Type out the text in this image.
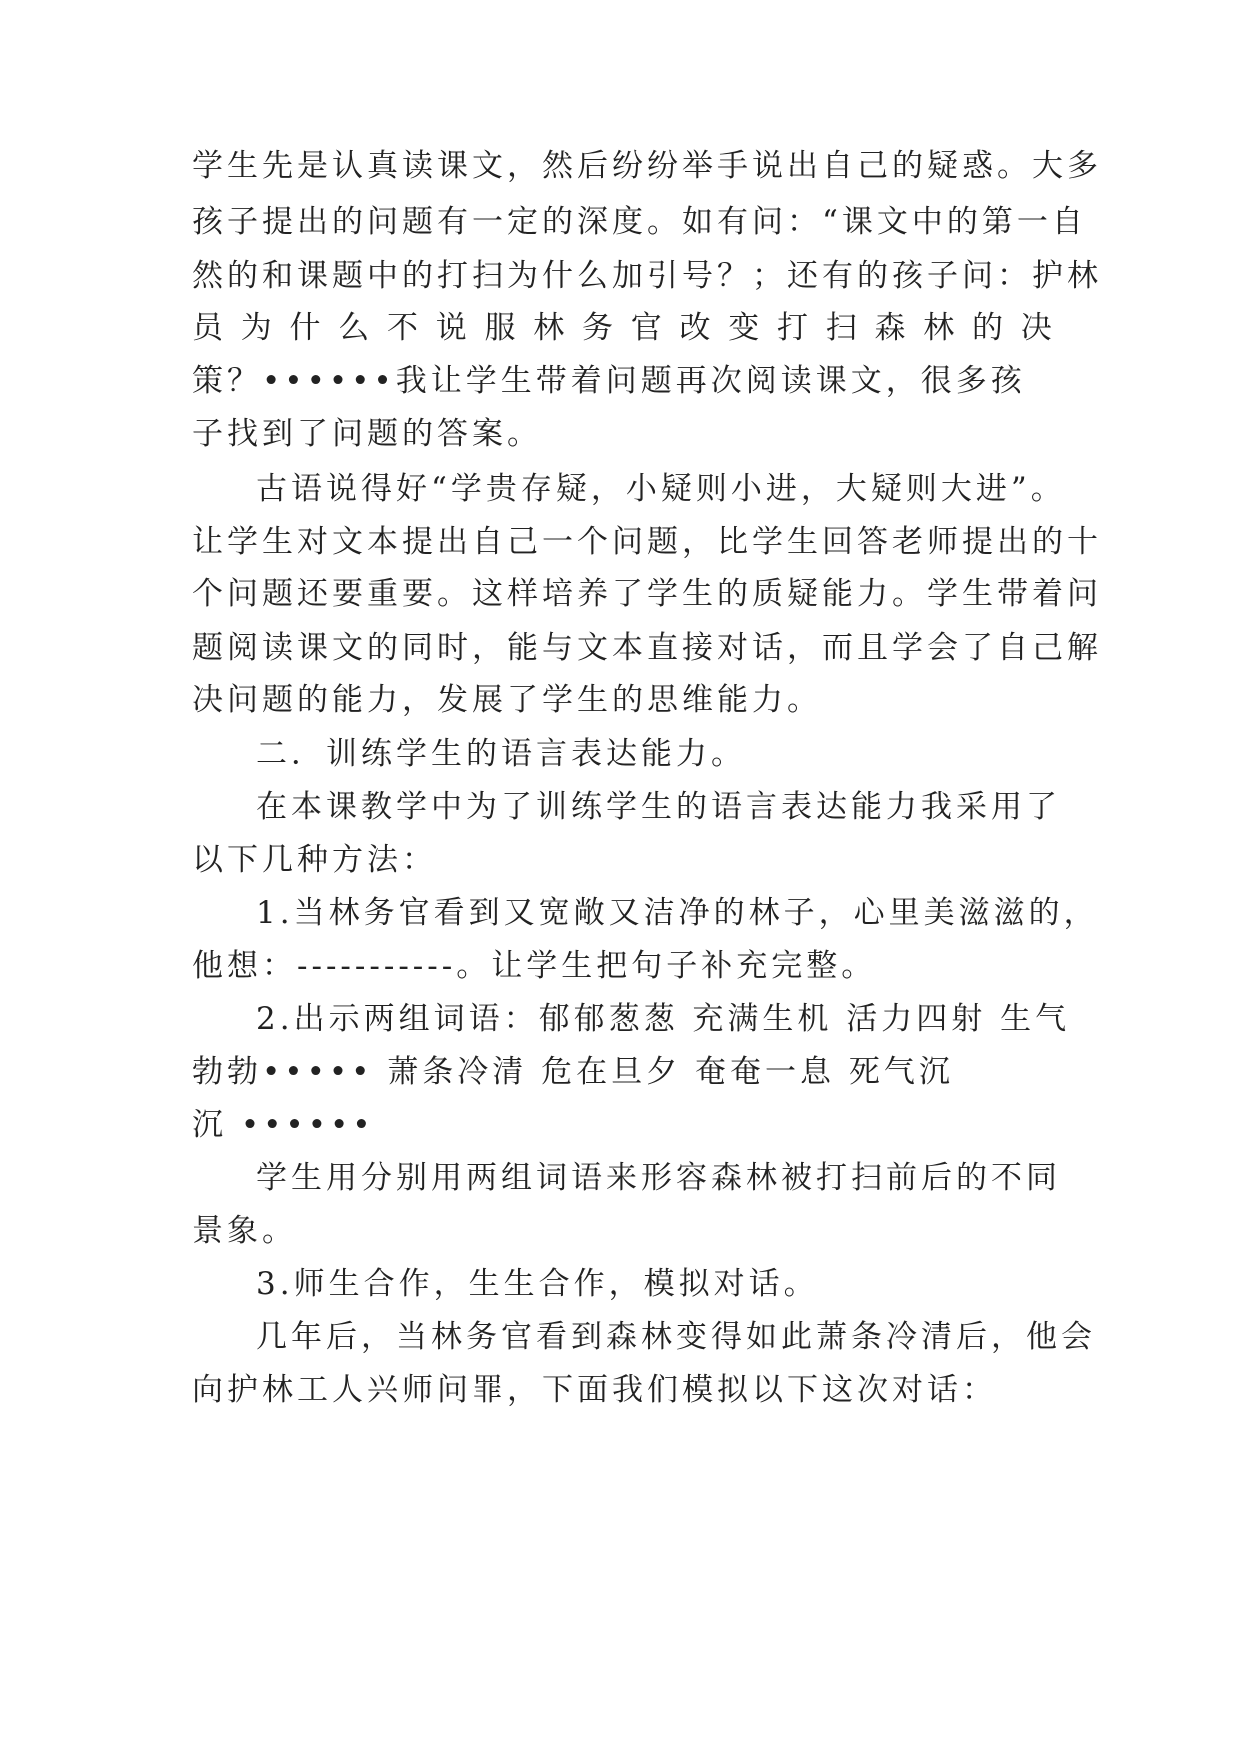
学生先是认真读课文，然后纷纷举手说出自己的疑惑。大多
孩子提出的问题有一定的深度。如有问：“课文中的第一自
然的和课题中的打扫为什么加引号？；还有的孩子问：护林
员 为 什 么 不 说 服 林 务 官 改 变 打 扫 森 林 的 决
策？••••••我让学生带着问题再次阅读课文，很多孩
子找到了问题的答案。
古语说得好“学贵存疑，小疑则小进，大疑则大进”。
让学生对文本提出自己一个问题，比学生回答老师提出的十
个问题还要重要。这样培养了学生的质疑能力。学生带着问
题阅读课文的同时，能与文本直接对话，而且学会了自己解
决问题的能力，发展了学生的思维能力。
二．训练学生的语言表达能力。
在本课教学中为了训练学生的语言表达能力我采用了
以下几种方法：
1.当林务官看到又宽敞又洁净的林子，心里美滋滋的，
他想：-----------。让学生把句子补充完整。
2.出示两组词语：郁郁葱葱 充满生机 活力四射 生气
勃勃••••• 萧条冷清 危在旦夕 奄奄一息 死气沉
沉 ••••••
学生用分别用两组词语来形容森林被打扫前后的不同
景象。
3.师生合作，生生合作，模拟对话。
几年后，当林务官看到森林变得如此萧条冷清后，他会
向护林工人兴师问罪，下面我们模拟以下这次对话：
